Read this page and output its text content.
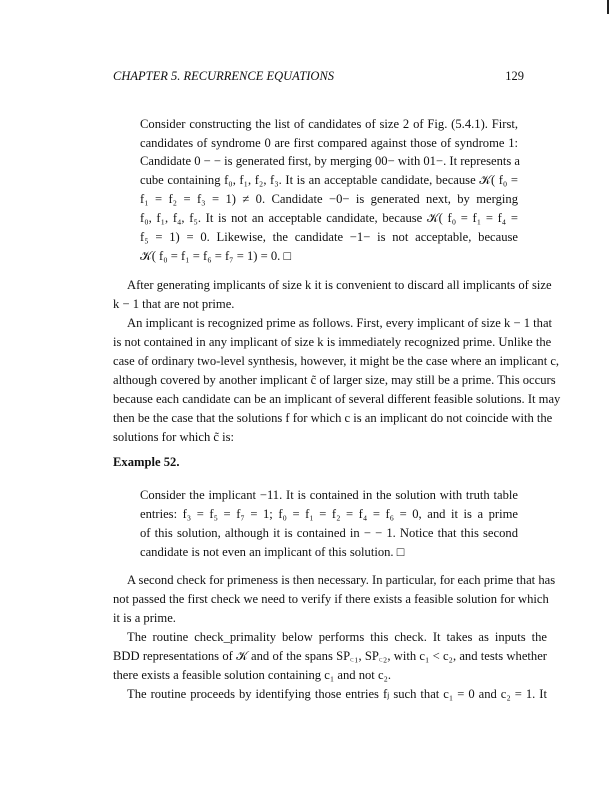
CHAPTER 5. RECURRENCE EQUATIONS	129
Consider constructing the list of candidates of size 2 of Fig. (5.4.1). First,
candidates of syndrome 0 are first compared against those of syndrome 1:
Candidate 0 − − is generated first, by merging 00− with 01−. It represents a
cube containing f₀, f₁, f₂, f₃. It is an acceptable candidate, because 𝒦( f₀ =
f₁ = f₂ = f₃ = 1) ≠ 0. Candidate −0− is generated next, by merging
f₀, f₁, f₄, f₅. It is not an acceptable candidate, because 𝒦( f₀ = f₁ = f₄ =
f₅ = 1) = 0. Likewise, the candidate −1− is not acceptable, because
𝒦( f₀ = f₁ = f₆ = f₇ = 1) = 0. □
After generating implicants of size k it is convenient to discard all implicants of size
k − 1 that are not prime.
An implicant is recognized prime as follows. First, every implicant of size k − 1 that
is not contained in any implicant of size k is immediately recognized prime. Unlike the
case of ordinary two-level synthesis, however, it might be the case where an implicant c,
although covered by another implicant c̃ of larger size, may still be a prime. This occurs
because each candidate can be an implicant of several different feasible solutions. It may
then be the case that the solutions f for which c is an implicant do not coincide with the
solutions for which c̃ is:
Consider the implicant −11. It is contained in the solution with truth table
entries: f₃ = f₅ = f₇ = 1; f₀ = f₁ = f₂ = f₄ = f₆ = 0, and it is a prime
of this solution, although it is contained in − − 1. Notice that this second
candidate is not even an implicant of this solution. □
A second check for primeness is then necessary. In particular, for each prime that has
not passed the first check we need to verify if there exists a feasible solution for which
it is a prime.
The routine check_primality below performs this check. It takes as inputs the
BDD representations of 𝒦 and of the spans SP꜀₁, SP꜀₂, with c₁ < c₂, and tests whether
there exists a feasible solution containing c₁ and not c₂.
The routine proceeds by identifying those entries fⱼ such that c₁ = 0 and c₂ = 1. It
Example 52.
